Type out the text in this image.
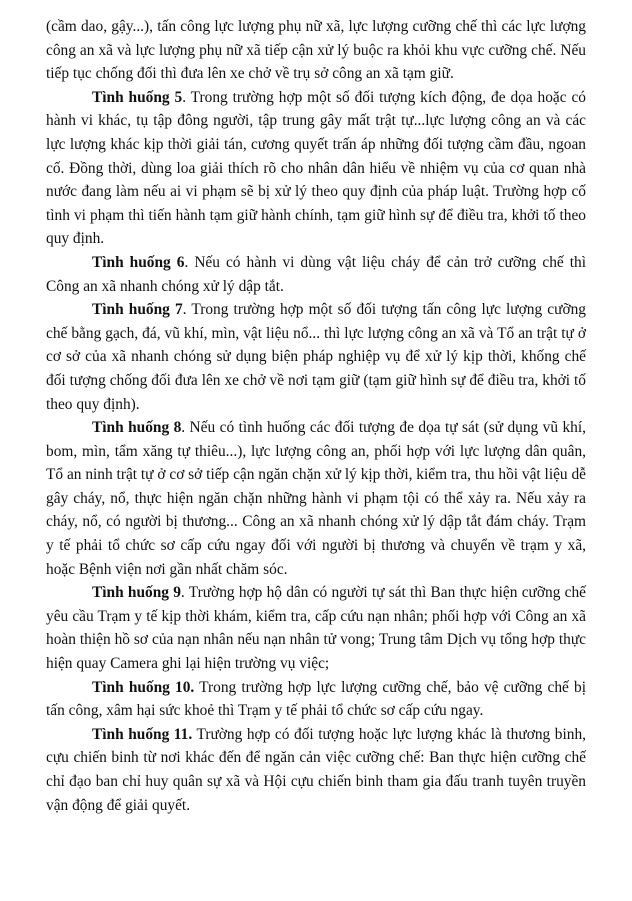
(cầm dao, gậy...), tấn công lực lượng phụ nữ xã, lực lượng cưỡng chế thì các lực lượng công an xã và lực lượng phụ nữ xã tiếp cận xử lý buộc ra khỏi khu vực cưỡng chế. Nếu tiếp tục chống đối thì đưa lên xe chở về trụ sở công an xã tạm giữ.

Tình huống 5. Trong trường hợp một số đối tượng kích động, đe dọa hoặc có hành vi khác, tụ tập đông người, tập trung gây mất trật tự...lực lượng công an và các lực lượng khác kịp thời giải tán, cương quyết trấn áp những đối tượng cầm đầu, ngoan cố. Đồng thời, dùng loa giải thích rõ cho nhân dân hiểu về nhiệm vụ của cơ quan nhà nước đang làm nếu ai vi phạm sẽ bị xử lý theo quy định của pháp luật. Trường hợp cố tình vi phạm thì tiến hành tạm giữ hành chính, tạm giữ hình sự để điều tra, khởi tố theo quy định.

Tình huống 6. Nếu có hành vi dùng vật liệu cháy để cản trở cưỡng chế thì Công an xã nhanh chóng xử lý dập tắt.

Tình huống 7. Trong trường hợp một số đối tượng tấn công lực lượng cưỡng chế bằng gạch, đá, vũ khí, mìn, vật liệu nổ... thì lực lượng công an xã và Tổ an trật tự ở cơ sở của xã nhanh chóng sử dụng biện pháp nghiệp vụ để xử lý kịp thời, khống chế đối tượng chống đối đưa lên xe chở về nơi tạm giữ (tạm giữ hình sự để điều tra, khởi tố theo quy định).

Tình huống 8. Nếu có tình huống các đối tượng đe dọa tự sát (sử dụng vũ khí, bom, mìn, tẩm xăng tự thiêu...), lực lượng công an, phối hợp với lực lượng dân quân, Tổ an ninh trật tự ở cơ sở tiếp cận ngăn chặn xử lý kịp thời, kiểm tra, thu hồi vật liệu dễ gây cháy, nổ, thực hiện ngăn chặn những hành vi phạm tội có thể xảy ra. Nếu xảy ra cháy, nổ, có người bị thương... Công an xã nhanh chóng xử lý dập tắt đám cháy. Trạm y tế phải tổ chức sơ cấp cứu ngay đối với người bị thương và chuyển về trạm y xã, hoặc Bệnh viện nơi gần nhất chăm sóc.

Tình huống 9. Trường hợp hộ dân có người tự sát thì Ban thực hiện cưỡng chế yêu cầu Trạm y tế kịp thời khám, kiểm tra, cấp cứu nạn nhân; phối hợp với Công an xã hoàn thiện hồ sơ của nạn nhân nếu nạn nhân tử vong; Trung tâm Dịch vụ tổng hợp thực hiện quay Camera ghi lại hiện trường vụ việc;

Tình huống 10. Trong trường hợp lực lượng cưỡng chế, bảo vệ cưỡng chế bị tấn công, xâm hại sức khoẻ thì Trạm y tế phải tổ chức sơ cấp cứu ngay.

Tình huống 11. Trường hợp có đối tượng hoặc lực lượng khác là thương binh, cựu chiến binh từ nơi khác đến để ngăn cản việc cưỡng chế: Ban thực hiện cưỡng chế chỉ đạo ban chỉ huy quân sự xã và Hội cựu chiến binh tham gia đấu tranh tuyên truyền vận động để giải quyết.
